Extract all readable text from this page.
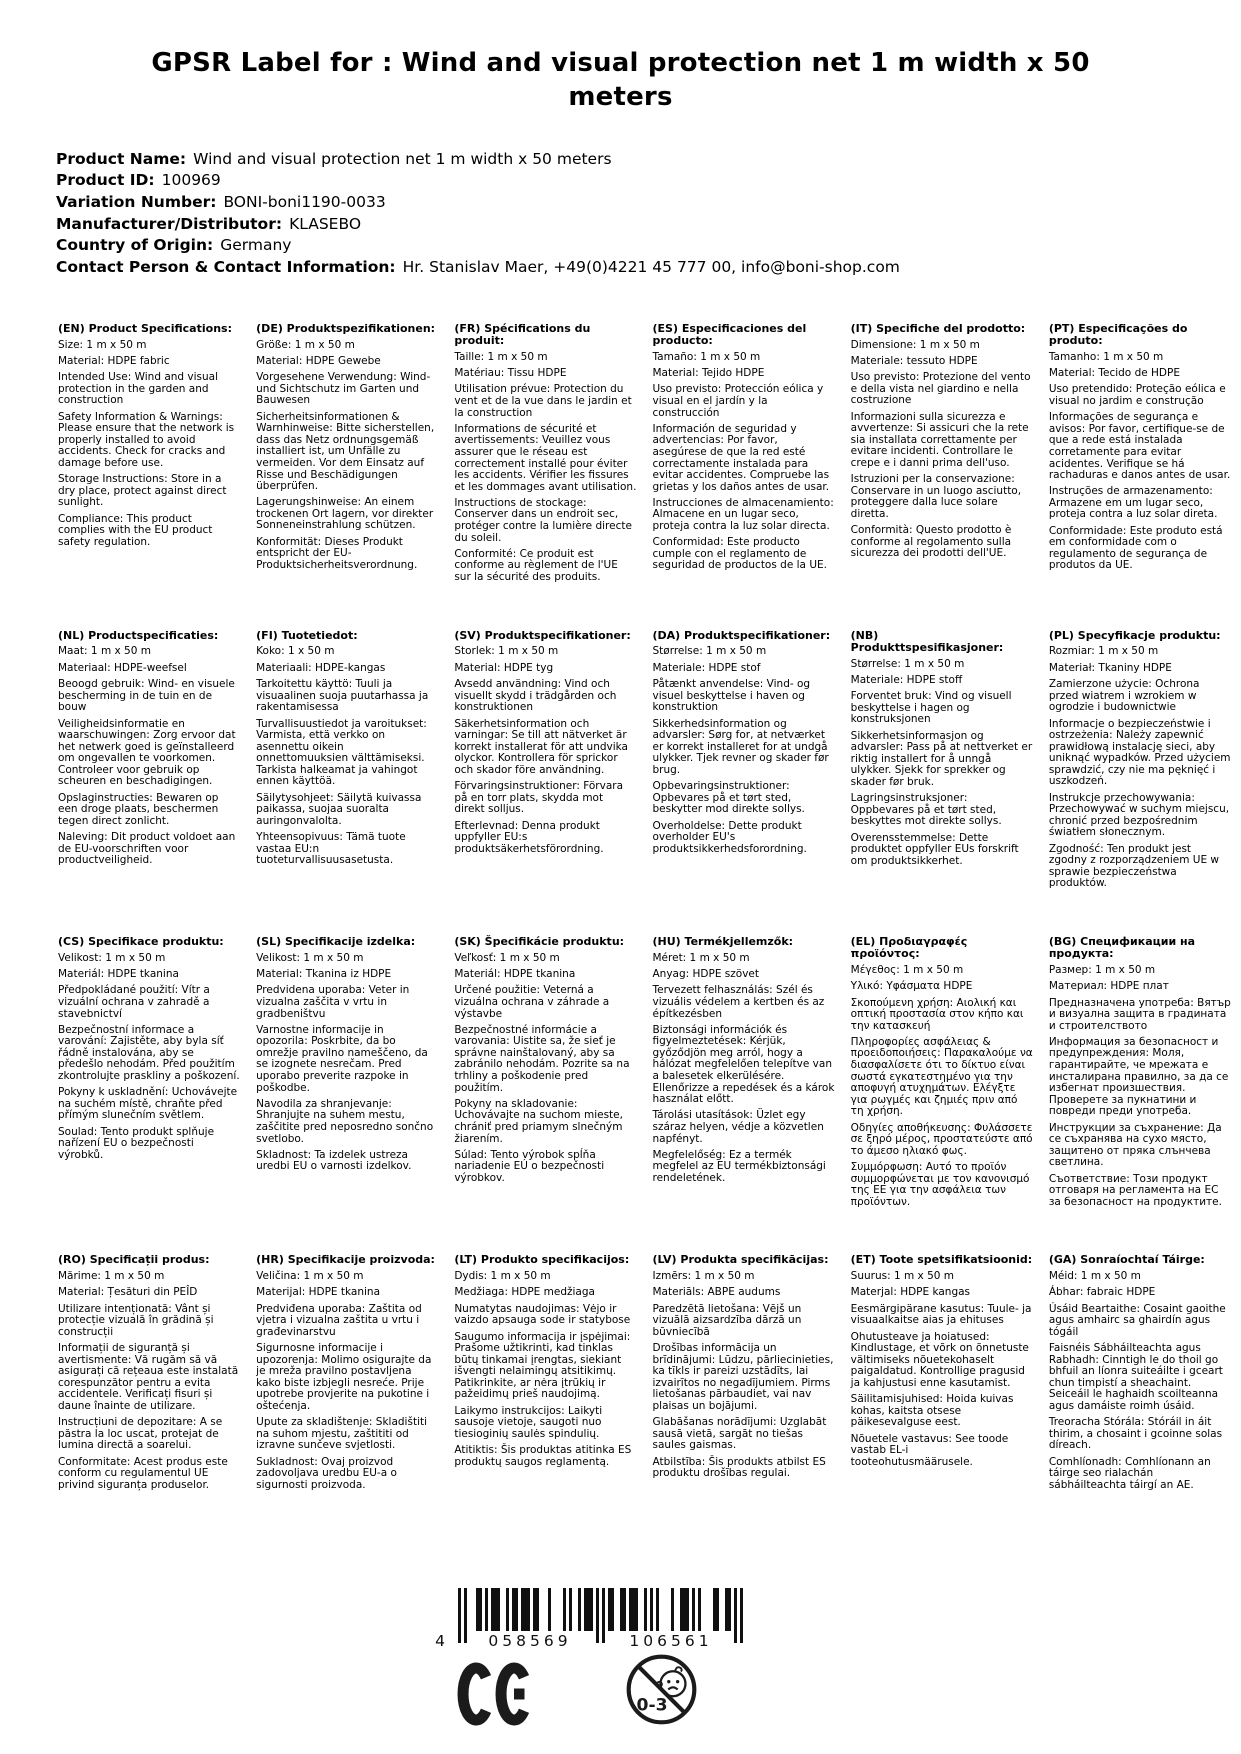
GPSR Label for : Wind and visual protection net 1 m width x 50 meters
Product Name: Wind and visual protection net 1 m width x 50 meters
Product ID: 100969
Variation Number: BONI-boni1190-0033
Manufacturer/Distributor: KLASEBO
Country of Origin: Germany
Contact Person & Contact Information: Hr. Stanislav Maer, +49(0)4221 45 777 00, info@boni-shop.com
(EN) Product Specifications:

Size: 1 m x 50 m

Material: HDPE fabric

Intended Use: Wind and visual protection in the garden and construction

Safety Information & Warnings: Please ensure that the network is properly installed to avoid accidents. Check for cracks and damage before use.

Storage Instructions: Store in a dry place, protect against direct sunlight.

Compliance: This product complies with the EU product safety regulation.

(DE) Produktspezifikationen:

Größe: 1 m x 50 m

Material: HDPE Gewebe

Vorgesehene Verwendung: Wind- und Sichtschutz im Garten und Bauwesen

Sicherheitsinformationen & Warnhinweise: Bitte sicherstellen, dass das Netz ordnungsgemäß installiert ist, um Unfälle zu vermeiden. Vor dem Einsatz auf Risse und Beschädigungen überprüfen.

Lagerungshinweise: An einem trockenen Ort lagern, vor direkter Sonneneinstrahlung schützen.

Konformität: Dieses Produkt entspricht der EU-Produktsicherheitsverordnung.

(FR) Spécifications du produit:

Taille: 1 m x 50 m

Matériau: Tissu HDPE

Utilisation prévue: Protection du vent et de la vue dans le jardin et la construction

Informations de sécurité et avertissements: Veuillez vous assurer que le réseau est correctement installé pour éviter les accidents. Vérifier les fissures et les dommages avant utilisation.

Instructions de stockage: Conserver dans un endroit sec, protéger contre la lumière directe du soleil.

Conformité: Ce produit est conforme au règlement de l'UE sur la sécurité des produits.

(ES) Especificaciones del producto:

Tamaño: 1 m x 50 m

Material: Tejido HDPE

Uso previsto: Protección eólica y visual en el jardín y la construcción

Información de seguridad y advertencias: Por favor, asegúrese de que la red esté correctamente instalada para evitar accidentes. Compruebe las grietas y los daños antes de usar.

Instrucciones de almacenamiento: Almacene en un lugar seco, proteja contra la luz solar directa.

Conformidad: Este producto cumple con el reglamento de seguridad de productos de la UE.

(IT) Specifiche del prodotto:

Dimensione: 1 m x 50 m

Materiale: tessuto HDPE

Uso previsto: Protezione del vento e della vista nel giardino e nella costruzione

Informazioni sulla sicurezza e avvertenze: Si assicuri che la rete sia installata correttamente per evitare incidenti. Controllare le crepe e i danni prima dell'uso.

Istruzioni per la conservazione: Conservare in un luogo asciutto, proteggere dalla luce solare diretta.

Conformità: Questo prodotto è conforme al regolamento sulla sicurezza dei prodotti dell'UE.

(PT) Especificações do produto:

Tamanho: 1 m x 50 m

Material: Tecido de HDPE

Uso pretendido: Proteção eólica e visual no jardim e construção

Informações de segurança e avisos: Por favor, certifique-se de que a rede está instalada corretamente para evitar acidentes. Verifique se há rachaduras e danos antes de usar.

Instruções de armazenamento: Armazene em um lugar seco, proteja contra a luz solar direta.

Conformidade: Este produto está em conformidade com o regulamento de segurança de produtos da UE.

(NL) Productspecificaties:

Maat: 1 m x 50 m

Materiaal: HDPE-weefsel

Beoogd gebruik: Wind- en visuele bescherming in de tuin en de bouw

Veiligheidsinformatie en waarschuwingen: Zorg ervoor dat het netwerk goed is geïnstalleerd om ongevallen te voorkomen. Controleer voor gebruik op scheuren en beschadigingen.

Opslaginstructies: Bewaren op een droge plaats, beschermen tegen direct zonlicht.

Naleving: Dit product voldoet aan de EU-voorschriften voor productveiligheid.

(FI) Tuotetiedot:

Koko: 1 x 50 m

Materiaali: HDPE-kangas

Tarkoitettu käyttö: Tuuli ja visuaalinen suoja puutarhassa ja rakentamisessa

Turvallisuustiedot ja varoitukset: Varmista, että verkko on asennettu oikein onnettomuuksien välttämiseksi. Tarkista halkeamat ja vahingot ennen käyttöä.

Säilytysohjeet: Säilytä kuivassa paikassa, suojaa suoralta auringonvalolta.

Yhteensopivuus: Tämä tuote vastaa EU:n tuoteturvallisuusasetusta.

(SV) Produktspecifikationer:

Storlek: 1 m x 50 m

Material: HDPE tyg

Avsedd användning: Vind och visuellt skydd i trädgården och konstruktionen

Säkerhetsinformation och varningar: Se till att nätverket är korrekt installerat för att undvika olyckor. Kontrollera för sprickor och skador före användning.

Förvaringsinstruktioner: Förvara på en torr plats, skydda mot direkt solljus.

Efterlevnad: Denna produkt uppfyller EU:s produktsäkerhetsförordning.

(DA) Produktspecifikationer:

Størrelse: 1 m x 50 m

Materiale: HDPE stof

Påtænkt anvendelse: Vind- og visuel beskyttelse i haven og konstruktion

Sikkerhedsinformation og advarsler: Sørg for, at netværket er korrekt installeret for at undgå ulykker. Tjek revner og skader før brug.

Opbevaringsinstruktioner: Opbevares på et tørt sted, beskytter mod direkte sollys.

Overholdelse: Dette produkt overholder EU's produktsikkerhedsforordning.

(NB) Produkttspesifikasjoner:

Størrelse: 1 m x 50 m

Materiale: HDPE stoff

Forventet bruk: Vind og visuell beskyttelse i hagen og konstruksjonen

Sikkerhetsinformasjon og advarsler: Pass på at nettverket er riktig installert for å unngå ulykker. Sjekk for sprekker og skader før bruk.

Lagringsinstruksjoner: Oppbevares på et tørt sted, beskyttes mot direkte sollys.

Overensstemmelse: Dette produktet oppfyller EUs forskrift om produktsikkerhet.

(PL) Specyfikacje produktu:

Rozmiar: 1 m x 50 m

Materiał: Tkaniny HDPE

Zamierzone użycie: Ochrona przed wiatrem i wzrokiem w ogrodzie i budownictwie

Informacje o bezpieczeństwie i ostrzeżenia: Należy zapewnić prawidłową instalację sieci, aby uniknąć wypadków. Przed użyciem sprawdzić, czy nie ma pęknięć i uszkodzeń.

Instrukcje przechowywania: Przechowywać w suchym miejscu, chronić przed bezpośrednim światłem słonecznym.

Zgodność: Ten produkt jest zgodny z rozporządzeniem UE w sprawie bezpieczeństwa produktów.

(CS) Specifikace produktu:

Velikost: 1 m x 50 m

Materiál: HDPE tkanina

Předpokládané použití: Vítr a vizuální ochrana v zahradě a stavebnictví

Bezpečnostní informace a varování: Zajistěte, aby byla síť řádně instalována, aby se předešlo nehodám. Před použitím zkontrolujte praskliny a poškození.

Pokyny k uskladnění: Uchovávejte na suchém místě, chraňte před přímým slunečním světlem.

Soulad: Tento produkt splňuje nařízení EU o bezpečnosti výrobků.

(SL) Specifikacije izdelka:

Velikost: 1 m x 50 m

Material: Tkanina iz HDPE

Predvidena uporaba: Veter in vizualna zaščita v vrtu in gradbeništvu

Varnostne informacije in opozorila: Poskrbite, da bo omrežje pravilno nameščeno, da se izognete nesrečam. Pred uporabo preverite razpoke in poškodbe.

Navodila za shranjevanje: Shranjujte na suhem mestu, zaščitite pred neposredno sončno svetlobo.

Skladnost: Ta izdelek ustreza uredbi EU o varnosti izdelkov.

(SK) Špecifikácie produktu:

Veľkosť: 1 m x 50 m

Materiál: HDPE tkanina

Určené použitie: Veterná a vizuálna ochrana v záhrade a výstavbe

Bezpečnostné informácie a varovania: Uistite sa, že sieť je správne nainštalovaný, aby sa zabránilo nehodám. Pozrite sa na trhliny a poškodenie pred použitím.

Pokyny na skladovanie: Uchovávajte na suchom mieste, chrániť pred priamym slnečným žiarením.

Súlad: Tento výrobok spĺňa nariadenie EÚ o bezpečnosti výrobkov.

(HU) Termékjellemzők:

Méret: 1 m x 50 m

Anyag: HDPE szövet

Tervezett felhasználás: Szél és vizuális védelem a kertben és az építkezésben

Biztonsági információk és figyelmeztetések: Kérjük, győződjön meg arról, hogy a hálózat megfelelően telepítve van a balesetek elkerülésére. Ellenőrizze a repedések és a károk használat előtt.

Tárolási utasítások: Üzlet egy száraz helyen, védje a közvetlen napfényt.

Megfelelőség: Ez a termék megfelel az EU termékbiztonsági rendeletének.

(EL) Προδιαγραφές προϊόντος:

Μέγεθος: 1 m x 50 m

Υλικό: Υφάσματα HDPE

Σκοπούμενη χρήση: Αιολική και οπτική προστασία στον κήπο και την κατασκευή

Πληροφορίες ασφάλειας & προειδοποιήσεις: Παρακαλούμε να διασφαλίσετε ότι το δίκτυο είναι σωστά εγκατεστημένο για την αποφυγή ατυχημάτων. Ελέγξτε για ρωγμές και ζημιές πριν από τη χρήση.

Οδηγίες αποθήκευσης: Φυλάσσετε σε ξηρό μέρος, προστατεύστε από το άμεσο ηλιακό φως.

Συμμόρφωση: Αυτό το προϊόν συμμορφώνεται με τον κανονισμό της ΕΕ για την ασφάλεια των προϊόντων.

(BG) Спецификации на продукта:

Размер: 1 m x 50 m

Материал: HDPE плат

Предназначена употреба: Вятър и визуална защита в градината и строителството

Информация за безопасност и предупреждения: Моля, гарантирайте, че мрежата е инсталирана правилно, за да се избегнат произшествия. Проверете за пукнатини и повреди преди употреба.

Инструкции за съхранение: Да се съхранява на сухо място, защитено от пряка слънчева светлина.

Съответствие: Този продукт отговаря на регламента на ЕС за безопасност на продуктите.

(RO) Specificații produs:

Mărime: 1 m x 50 m

Material: Țesături din PEÎD

Utilizare intenționată: Vânt și protecție vizuală în grădină și construcții

Informații de siguranță și avertismente: Vă rugăm să vă asigurați că rețeaua este instalată corespunzător pentru a evita accidentele. Verificați fisuri și daune înainte de utilizare.

Instrucțiuni de depozitare: A se păstra la loc uscat, protejat de lumina directă a soarelui.

Conformitate: Acest produs este conform cu regulamentul UE privind siguranța produselor.

(HR) Specifikacije proizvoda:

Veličina: 1 m x 50 m

Materijal: HDPE tkanina

Predviđena uporaba: Zaštita od vjetra i vizualna zaštita u vrtu i građevinarstvu

Sigurnosne informacije i upozorenja: Molimo osigurajte da je mreža pravilno postavljena kako biste izbjegli nesreće. Prije upotrebe provjerite na pukotine i oštećenja.

Upute za skladištenje: Skladištiti na suhom mjestu, zaštititi od izravne sunčeve svjetlosti.

Sukladnost: Ovaj proizvod zadovoljava uredbu EU-a o sigurnosti proizvoda.

(LT) Produkto specifikacijos:

Dydis: 1 m x 50 m

Medžiaga: HDPE medžiaga

Numatytas naudojimas: Vėjo ir vaizdo apsauga sode ir statybose

Saugumo informacija ir įspėjimai: Prašome užtikrinti, kad tinklas būtų tinkamai įrengtas, siekiant išvengti nelaimingų atsitikimų. Patikrinkite, ar nėra įtrūkių ir pažeidimų prieš naudojimą.

Laikymo instrukcijos: Laikyti sausoje vietoje, saugoti nuo tiesioginių saulės spindulių.

Atitiktis: Šis produktas atitinka ES produktų saugos reglamentą.

(LV) Produkta specifikācijas:

Izmērs: 1 m x 50 m

Materiāls: ABPE audums

Paredzētā lietošana: Vējš un vizuālā aizsardzība dārzā un būvniecībā

Drošības informācija un brīdinājumi: Lūdzu, pārliecinieties, ka tīkls ir pareizi uzstādīts, lai izvairītos no negadījumiem. Pirms lietošanas pārbaudiet, vai nav plaisas un bojājumi.

Glabāšanas norādījumi: Uzglabāt sausā vietā, sargāt no tiešas saules gaismas.

Atbilstība: Šis produkts atbilst ES produktu drošības regulai.

(ET) Toote spetsifikatsioonid:

Suurus: 1 m x 50 m

Materjal: HDPE kangas

Eesmärgipärane kasutus: Tuule- ja visuaalkaitse aias ja ehituses

Ohutusteave ja hoiatused: Kindlustage, et võrk on õnnetuste vältimiseks nõuetekohaselt paigaldatud. Kontrollige pragusid ja kahjustusi enne kasutamist.

Säilitamisjuhised: Hoida kuivas kohas, kaitsta otsese päikesevalguse eest.

Nõuetele vastavus: See toode vastab EL-i tooteohutusmäärusele.

(GA) Sonraíochtaí Táirge:

Méid: 1 m x 50 m

Ábhar: fabraic HDPE

Úsáid Beartaithe: Cosaint gaoithe agus amhairc sa ghairdín agus tógáil

Faisnéis Sábháilteachta agus Rabhadh: Cinntigh le do thoil go bhfuil an líonra suiteáilte i gceart chun timpistí a sheachaint. Seiceáil le haghaidh scoilteanna agus damáiste roimh úsáid.

Treoracha Stórála: Stóráil in áit thirim, a chosaint i gcoinne solas díreach.

Comhlíonadh: Comhlíonann an táirge seo rialachán sábháilteachta táirgí an AE.

4	058569	106561
0-3
